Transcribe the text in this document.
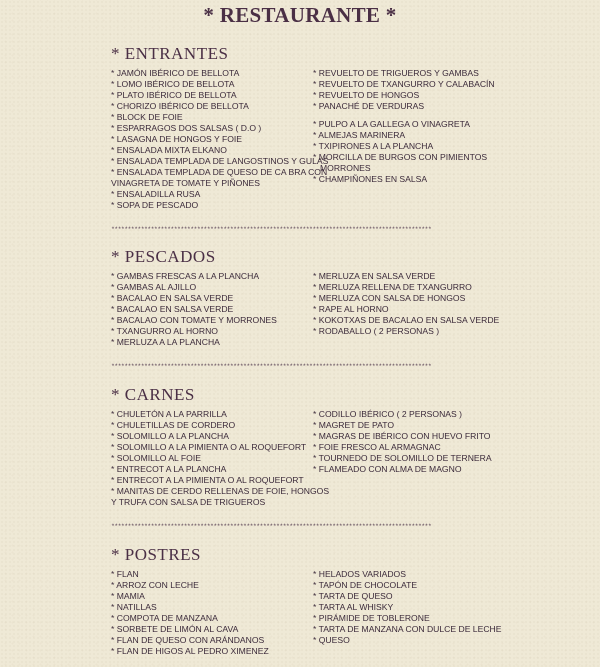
* RESTAURANTE *
* ENTRANTES
* JAMÓN IBÉRICO DE BELLOTA
* LOMO IBÉRICO DE BELLOTA
* PLATO IBÉRICO DE BELLOTA
* CHORIZO IBÉRICO DE BELLOTA
* BLOCK DE FOIE
* ESPARRAGOS DOS SALSAS ( D.O )
* LASAGNA DE HONGOS Y FOIE
* ENSALADA MIXTA ELKANO
* ENSALADA TEMPLADA DE LANGOSTINOS Y GULAS
* ENSALADA TEMPLADA DE QUESO DE CA BRA CON
VINAGRETA DE TOMATE Y PIÑONES
* ENSALADILLA RUSA
* SOPA DE PESCADO
* REVUELTO DE TRIGUEROS Y GAMBAS
* REVUELTO DE TXANGURRO Y CALABACÍN
* REVUELTO DE HONGOS
* PANACHÉ DE VERDURAS
* PULPO A LA GALLEGA O VINAGRETA
* ALMEJAS MARINERA
* TXIPIRONES A LA PLANCHA
* MORCILLA DE BURGOS CON PIMIENTOS
MORRONES
* CHAMPIÑONES EN SALSA
*************************************************************************************************
* PESCADOS
* GAMBAS FRESCAS A LA PLANCHA
* GAMBAS AL AJILLO
* BACALAO EN SALSA VERDE
* BACALAO EN SALSA VERDE
* BACALAO CON TOMATE Y MORRONES
* TXANGURRO AL HORNO
* MERLUZA A LA PLANCHA
* MERLUZA EN SALSA VERDE
* MERLUZA RELLENA DE TXANGURRO
* MERLUZA CON SALSA DE HONGOS
* RAPE AL HORNO
* KOKOTXAS DE BACALAO EN SALSA VERDE
* RODABALLO ( 2 PERSONAS )
*************************************************************************************************
* CARNES
* CHULETÓN A LA PARRILLA
* CHULETILLAS DE CORDERO
* SOLOMILLO A LA PLANCHA
* SOLOMILLO A LA PIMIENTA O AL ROQUEFORT
* SOLOMILLO AL FOIE
* ENTRECOT A LA PLANCHA
* ENTRECOT A LA PIMIENTA O AL ROQUEFORT
* MANITAS DE CERDO RELLENAS DE FOIE, HONGOS
Y TRUFA CON SALSA DE TRIGUEROS
* CODILLO IBÉRICO ( 2 PERSONAS )
* MAGRET DE PATO
* MAGRAS DE IBÉRICO CON HUEVO FRITO
* FOIE FRESCO AL ARMAGNAC
* TOURNEDO DE SOLOMILLO DE TERNERA
* FLAMEADO CON ALMA DE MAGNO
*************************************************************************************************
* POSTRES
* FLAN
* ARROZ CON LECHE
* MAMIA
* NATILLAS
* COMPOTA DE MANZANA
* SORBETE DE LIMÓN AL CAVA
* FLAN DE QUESO CON ARÁNDANOS
* FLAN DE HIGOS AL PEDRO XIMENEZ
* HELADOS VARIADOS
* TAPÓN DE CHOCOLATE
* TARTA DE QUESO
* TARTA AL WHISKY
* PIRÁMIDE DE TOBLERONE
* TARTA DE MANZANA CON DULCE DE LECHE
* QUESO
